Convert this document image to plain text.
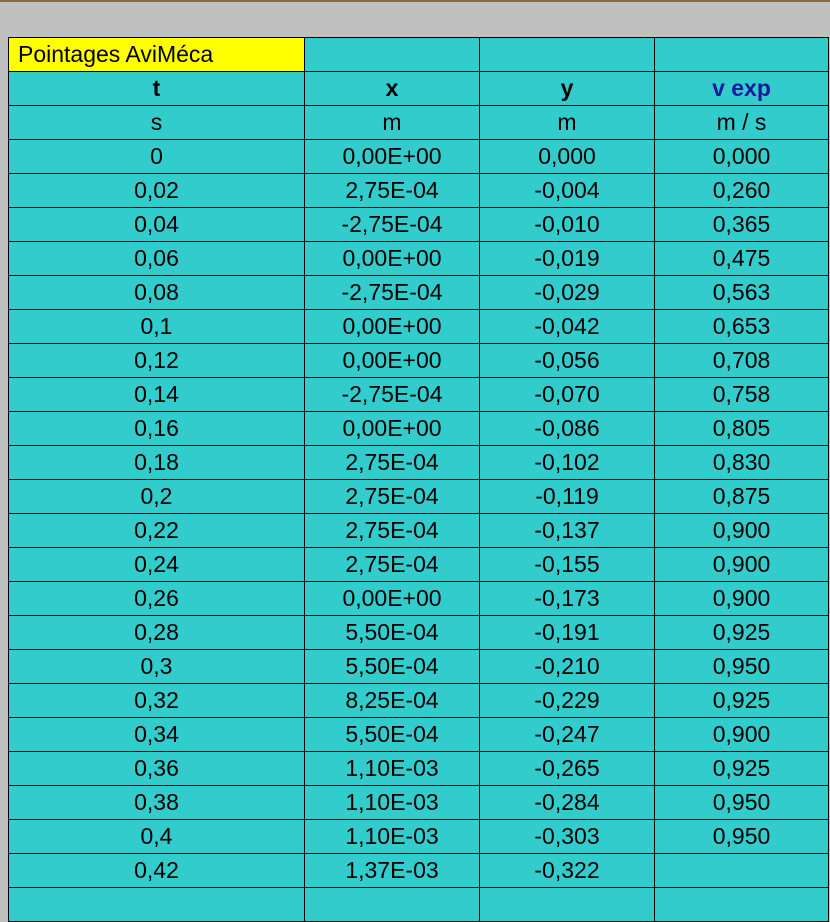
Pointages AviMéca			
t	x	y	v exp
s	m	m	m / s
0	0,00E+00	0,000	0,000
0,02	2,75E-04	-0,004	0,260
0,04	-2,75E-04	-0,010	0,365
0,06	0,00E+00	-0,019	0,475
0,08	-2,75E-04	-0,029	0,563
0,1	0,00E+00	-0,042	0,653
0,12	0,00E+00	-0,056	0,708
0,14	-2,75E-04	-0,070	0,758
0,16	0,00E+00	-0,086	0,805
0,18	2,75E-04	-0,102	0,830
0,2	2,75E-04	-0,119	0,875
0,22	2,75E-04	-0,137	0,900
0,24	2,75E-04	-0,155	0,900
0,26	0,00E+00	-0,173	0,900
0,28	5,50E-04	-0,191	0,925
0,3	5,50E-04	-0,210	0,950
0,32	8,25E-04	-0,229	0,925
0,34	5,50E-04	-0,247	0,900
0,36	1,10E-03	-0,265	0,925
0,38	1,10E-03	-0,284	0,950
0,4	1,10E-03	-0,303	0,950
0,42	1,37E-03	-0,322	
